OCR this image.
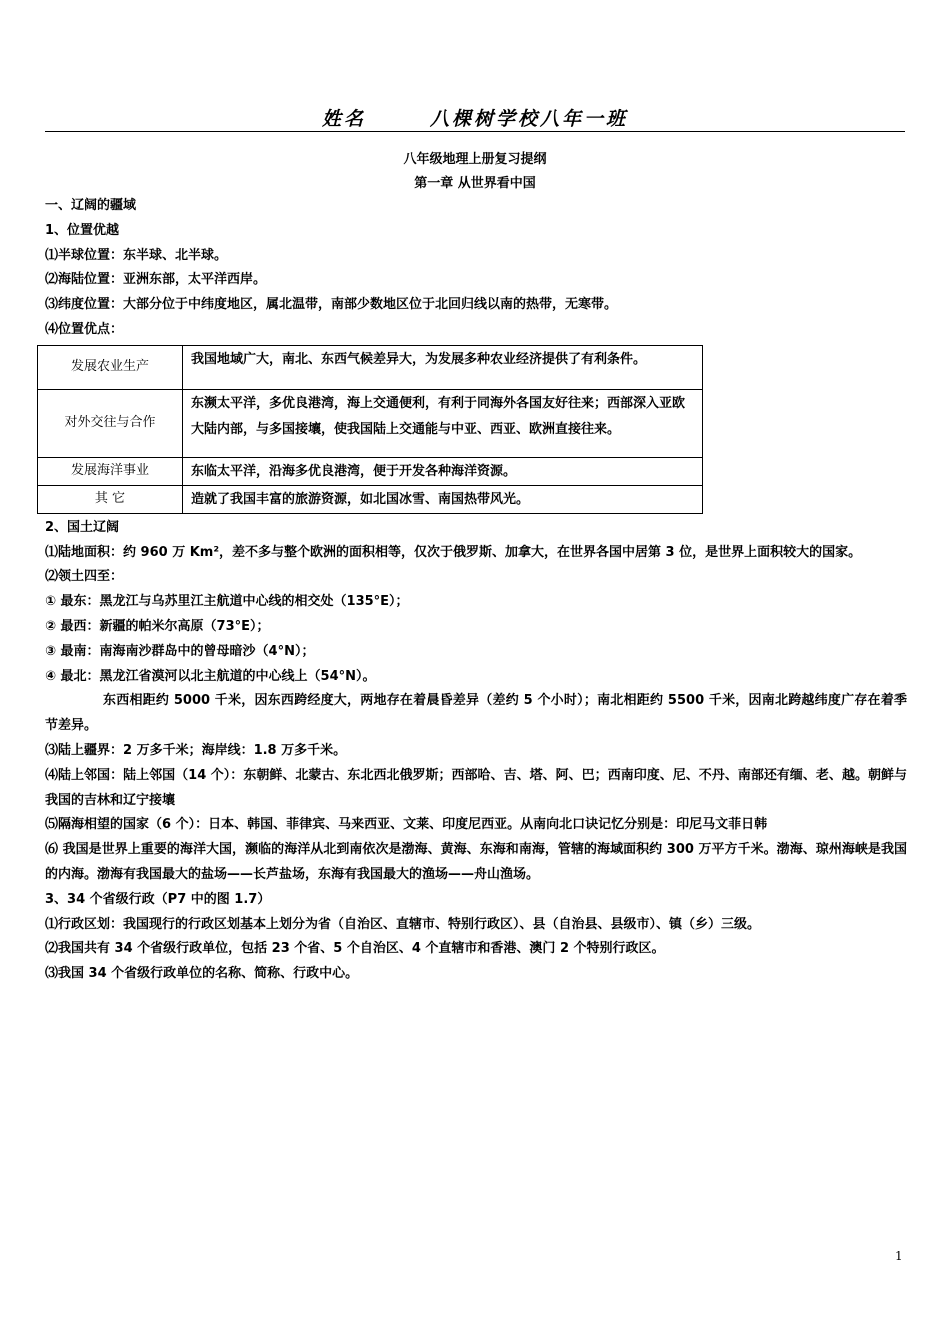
姓名	八棵树学校八年一班
八年级地理上册复习提纲
第一章 从世界看中国
一、辽阔的疆域
1、位置优越
⑴半球位置：东半球、北半球。
⑵海陆位置：亚洲东部，太平洋西岸。
⑶纬度位置：大部分位于中纬度地区，属北温带，南部少数地区位于北回归线以南的热带，无寒带。
⑷位置优点：
发展农业生产	我国地域广大，南北、东西气候差异大，为发展多种农业经济提供了有利条件。
对外交往与合作	东濒太平洋，多优良港湾，海上交通便利，有利于同海外各国友好往来；西部深入亚欧大陆内部，与多国接壤，使我国陆上交通能与中亚、西亚、欧洲直接往来。
发展海洋事业	东临太平洋，沿海多优良港湾，便于开发各种海洋资源。
其 它	造就了我国丰富的旅游资源，如北国冰雪、南国热带风光。
2、国土辽阔
⑴陆地面积：约 960 万 Km²，差不多与整个欧洲的面积相等，仅次于俄罗斯、加拿大，在世界各国中居第 3 位，是世界上面积较大的国家。
⑵领土四至：
① 最东：黑龙江与乌苏里江主航道中心线的相交处（135°E）；
② 最西：新疆的帕米尔高原（73°E）；
③ 最南：南海南沙群岛中的曾母暗沙（4°N）；
④ 最北：黑龙江省漠河以北主航道的中心线上（54°N）。
东西相距约 5000 千米，因东西跨经度大，两地存在着晨昏差异（差约 5 个小时）；南北相距约 5500 千米，因南北跨越纬度广存在着季节差异。
⑶陆上疆界：2 万多千米；海岸线：1.8 万多千米。
⑷陆上邻国：陆上邻国（14 个）：东朝鲜、北蒙古、东北西北俄罗斯；西部哈、吉、塔、阿、巴；西南印度、尼、不丹、南部还有缅、老、越。朝鲜与我国的吉林和辽宁接壤
⑸隔海相望的国家（6 个）：日本、韩国、菲律宾、马来西亚、文莱、印度尼西亚。从南向北口诀记忆分别是：印尼马文菲日韩
⑹ 我国是世界上重要的海洋大国，濒临的海洋从北到南依次是渤海、黄海、东海和南海，管辖的海域面积约 300 万平方千米。渤海、琼州海峡是我国的内海。渤海有我国最大的盐场——长芦盐场，东海有我国最大的渔场——舟山渔场。
3、34 个省级行政（P7 中的图 1.7）
⑴行政区划：我国现行的行政区划基本上划分为省（自治区、直辖市、特别行政区）、县（自治县、县级市）、镇（乡）三级。
⑵我国共有 34 个省级行政单位，包括 23 个省、5 个自治区、4 个直辖市和香港、澳门 2 个特别行政区。
⑶我国 34 个省级行政单位的名称、简称、行政中心。
1
